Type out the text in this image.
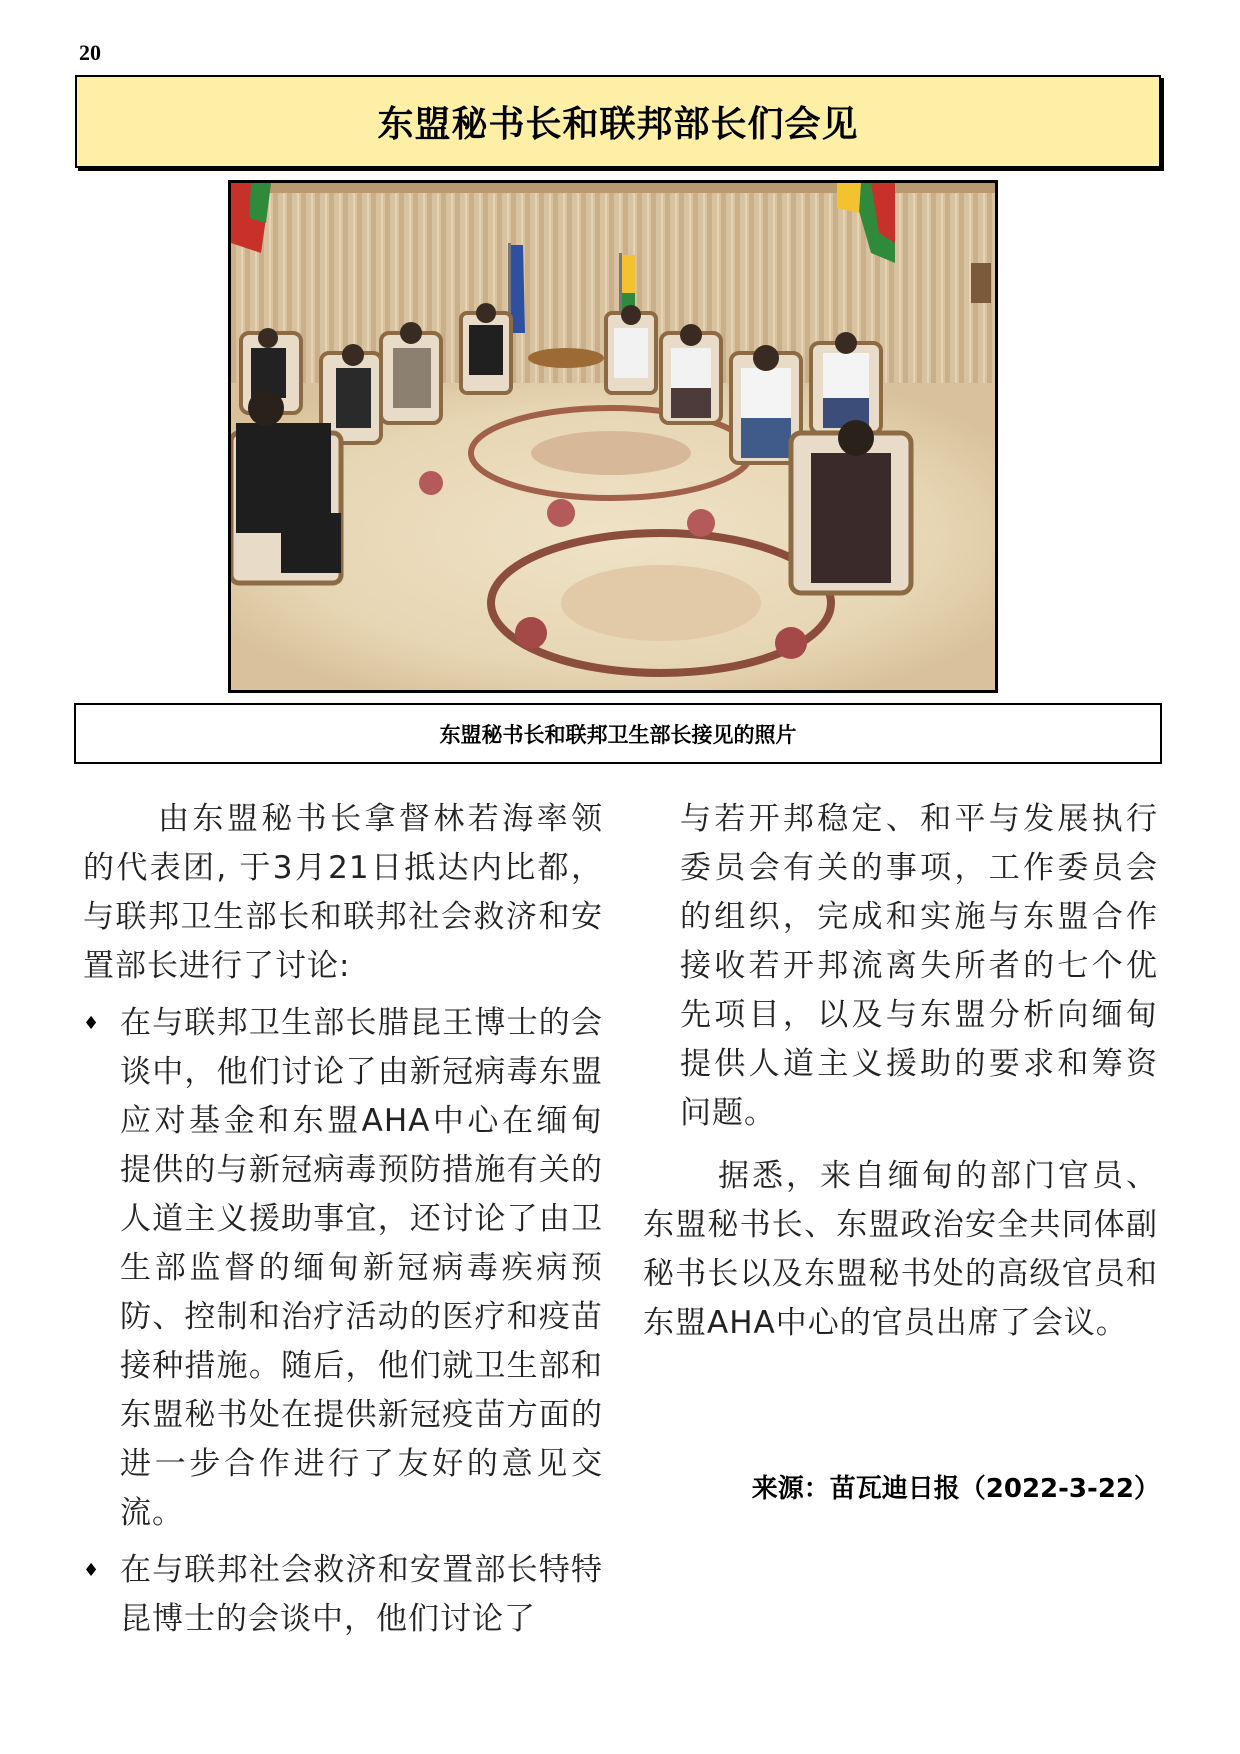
20
东盟秘书长和联邦部长们会见
东盟秘书长和联邦卫生部长接见的照片

由东盟秘书长拿督林若海率领的代表团, 于3月21日抵达内比都，与联邦卫生部长和联邦社会救济和安置部长进行了讨论:

♦ 在与联邦卫生部长腊昆王博士的会谈中，他们讨论了由新冠病毒东盟应对基金和东盟AHA中心在缅甸提供的与新冠病毒预防措施有关的人道主义援助事宜，还讨论了由卫生部监督的缅甸新冠病毒疾病预防、控制和治疗活动的医疗和疫苗接种措施。随后，他们就卫生部和东盟秘书处在提供新冠疫苗方面的进一步合作进行了友好的意见交流。
♦ 在与联邦社会救济和安置部长特特昆博士的会谈中，他们讨论了

与若开邦稳定、和平与发展执行委员会有关的事项，工作委员会的组织，完成和实施与东盟合作接收若开邦流离失所者的七个优先项目，以及与东盟分析向缅甸提供人道主义援助的要求和筹资问题。

据悉，来自缅甸的部门官员、东盟秘书长、东盟政治安全共同体副秘书长以及东盟秘书处的高级官员和东盟AHA中心的官员出席了会议。

来源：苗瓦迪日报（2022-3-22）
